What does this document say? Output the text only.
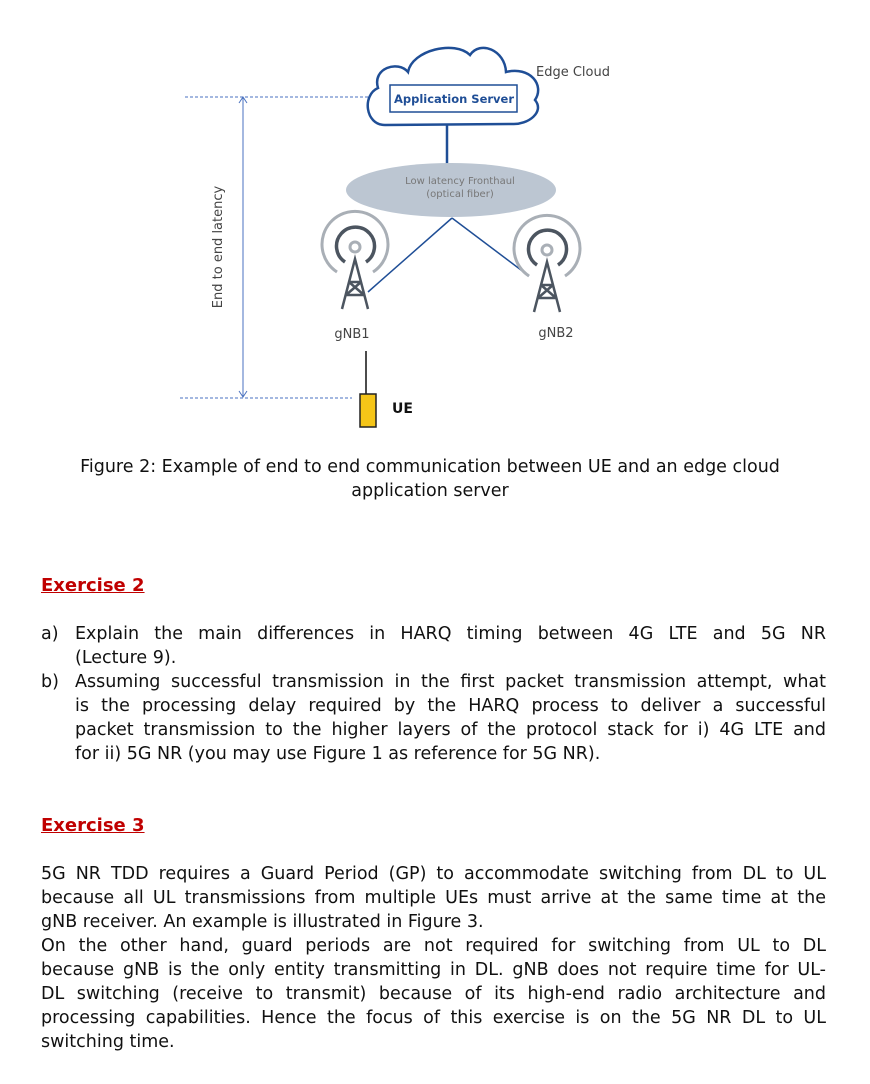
End to end latency
Application Server
Edge Cloud
Low latency Fronthaul
(optical fiber)
gNB1	gNB2
UE
Figure 2: Example of end to end communication between UE and an edge cloud
application server
Exercise 2
a) Explain the main differences in HARQ timing between 4G LTE and 5G NR
(Lecture 9).
b) Assuming successful transmission in the first packet transmission attempt, what
is the processing delay required by the HARQ process to deliver a successful
packet transmission to the higher layers of the protocol stack for i) 4G LTE and
for ii) 5G NR (you may use Figure 1 as reference for 5G NR).
Exercise 3
5G NR TDD requires a Guard Period (GP) to accommodate switching from DL to UL
because all UL transmissions from multiple UEs must arrive at the same time at the
gNB receiver. An example is illustrated in Figure 3.
On the other hand, guard periods are not required for switching from UL to DL
because gNB is the only entity transmitting in DL. gNB does not require time for UL-
DL switching (receive to transmit) because of its high-end radio architecture and
processing capabilities. Hence the focus of this exercise is on the 5G NR DL to UL
switching time.
